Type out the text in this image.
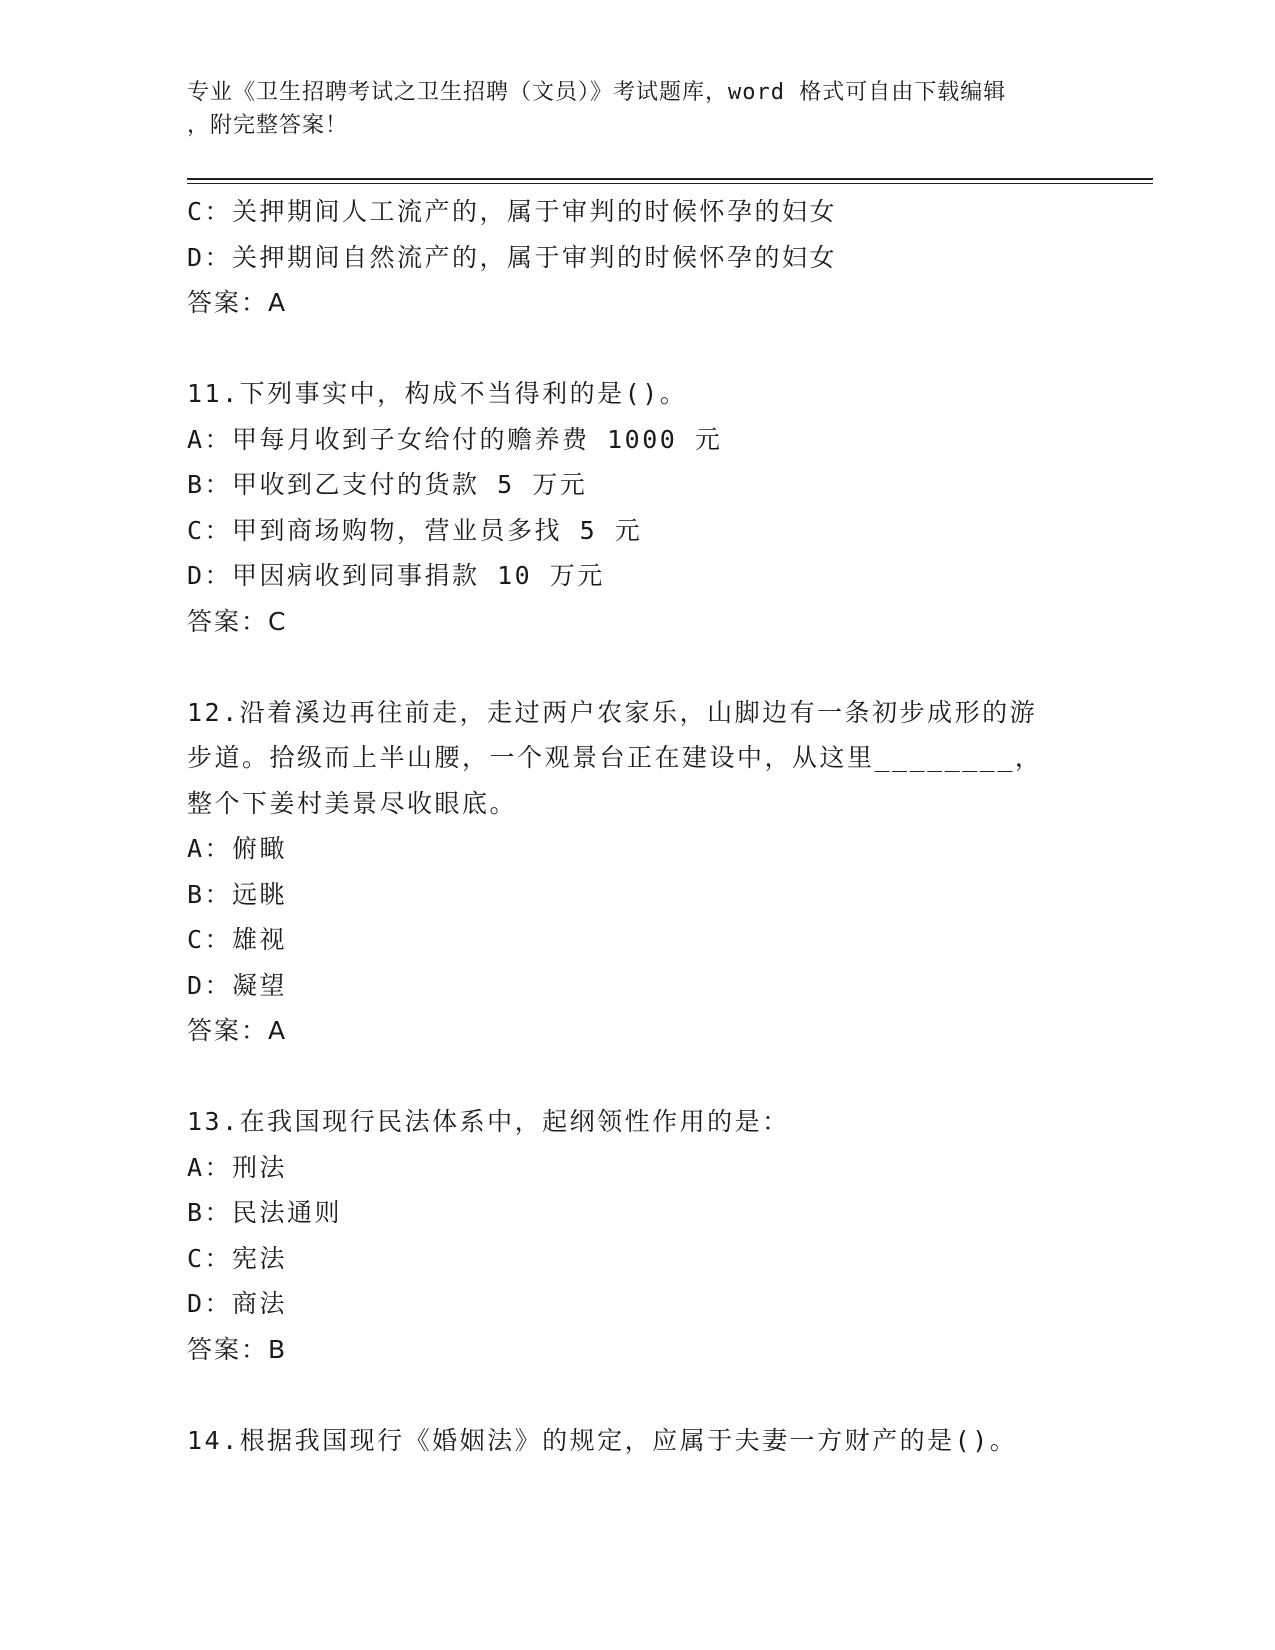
专业《卫生招聘考试之卫生招聘（文员）》考试题库，word 格式可自由下载编辑
，附完整答案！
C：关押期间人工流产的，属于审判的时候怀孕的妇女
D：关押期间自然流产的，属于审判的时候怀孕的妇女
答案：A
11.下列事实中，构成不当得利的是()。
A：甲每月收到子女给付的赡养费 1000 元
B：甲收到乙支付的货款 5 万元
C：甲到商场购物，营业员多找 5 元
D：甲因病收到同事捐款 10 万元
答案：C
12.沿着溪边再往前走，走过两户农家乐，山脚边有一条初步成形的游
步道。拾级而上半山腰，一个观景台正在建设中，从这里________，
整个下姜村美景尽收眼底。
A：俯瞰
B：远眺
C：雄视
D：凝望
答案：A
13.在我国现行民法体系中，起纲领性作用的是：
A：刑法
B：民法通则
C：宪法
D：商法
答案：B
14.根据我国现行《婚姻法》的规定，应属于夫妻一方财产的是()。
